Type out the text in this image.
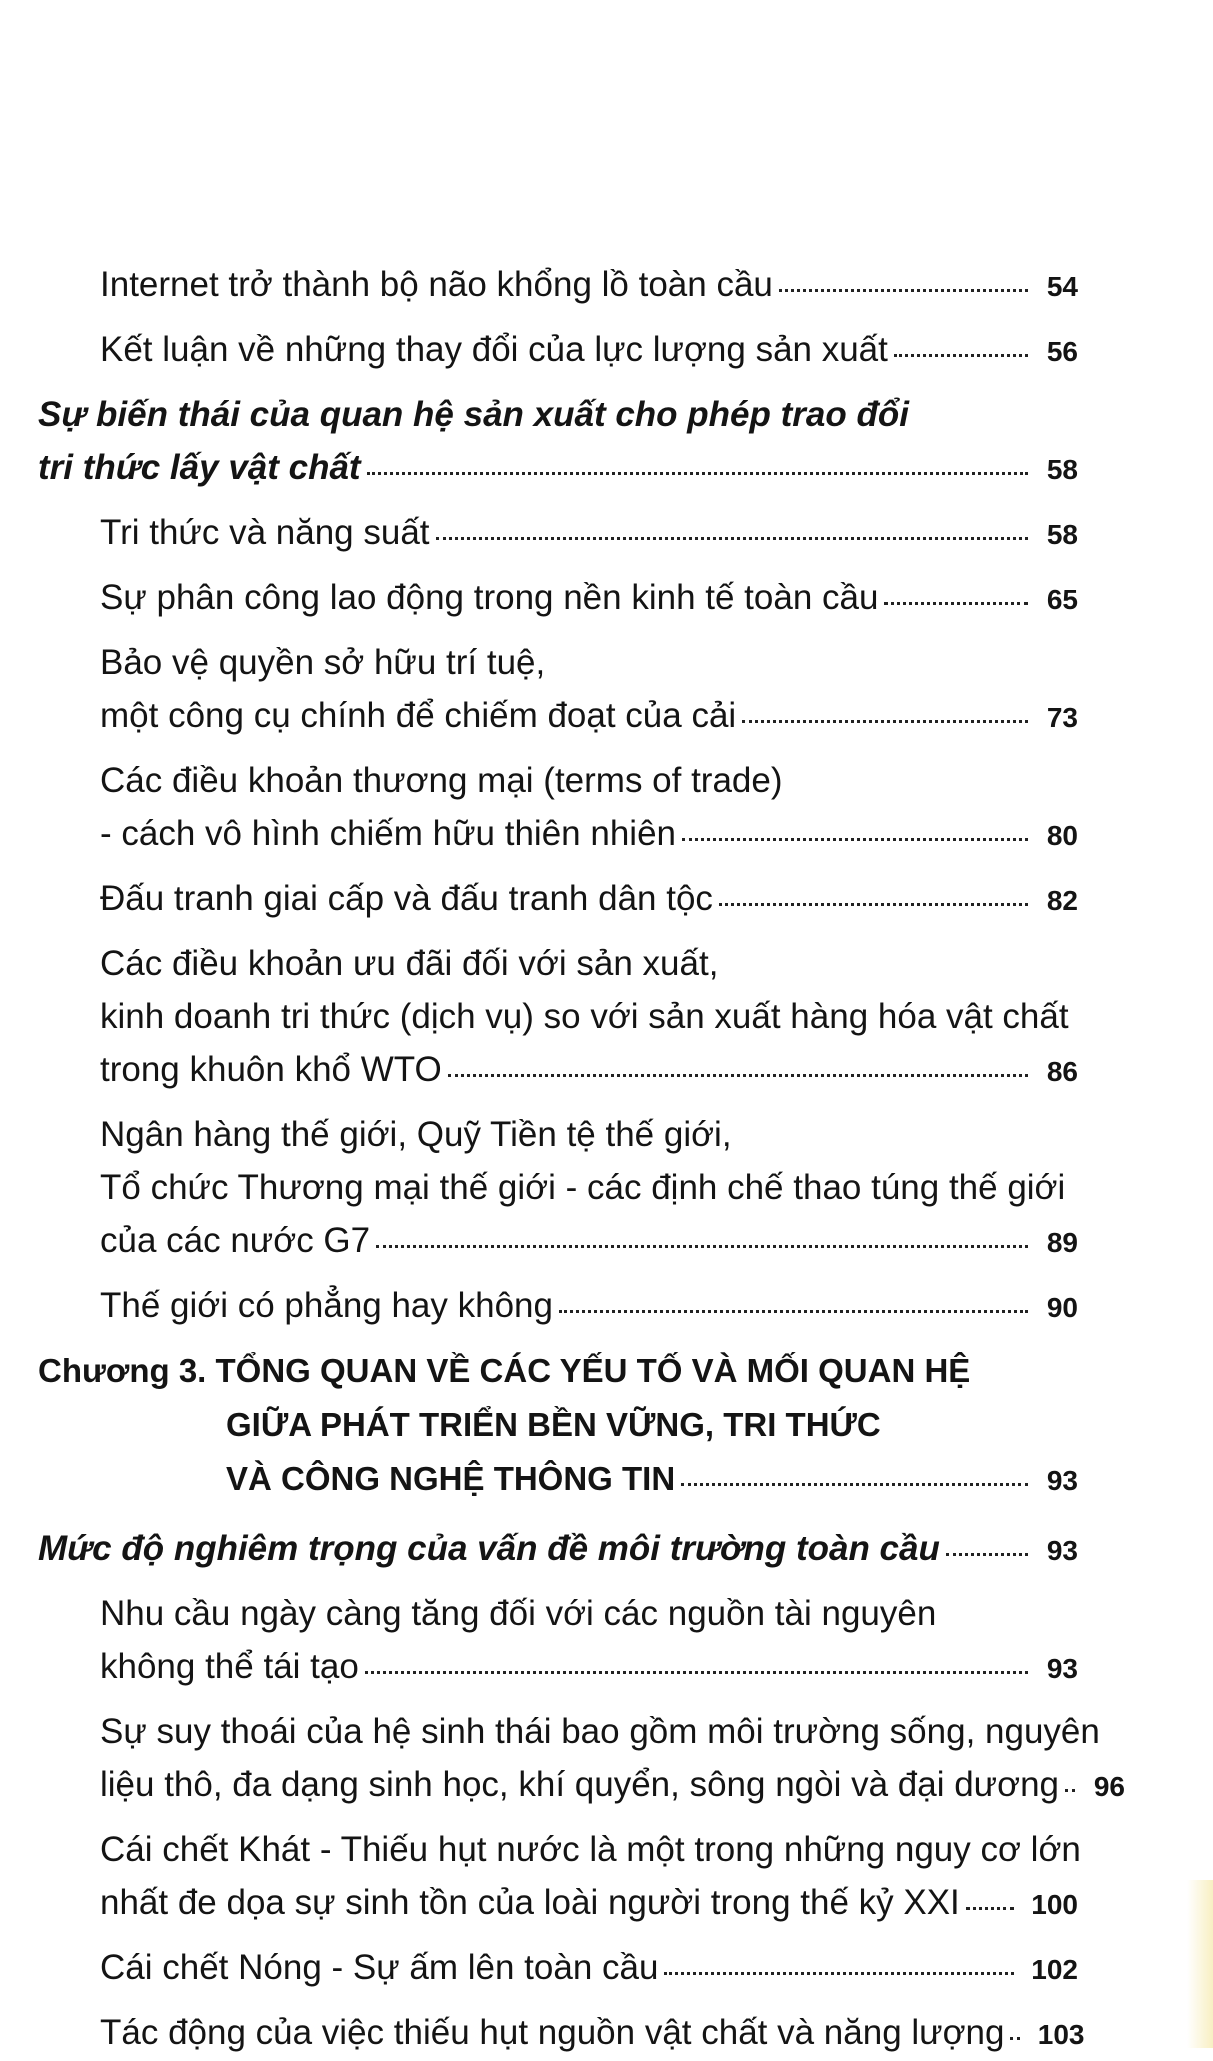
Internet trở thành bộ não khổng lồ toàn cầu	54
Kết luận về những thay đổi của lực lượng sản xuất	56
Sự biến thái của quan hệ sản xuất cho phép trao đổi
tri thức lấy vật chất	58
Tri thức và năng suất	58
Sự phân công lao động trong nền kinh tế toàn cầu	65
Bảo vệ quyền sở hữu trí tuệ,
một công cụ chính để chiếm đoạt của cải	73
Các điều khoản thương mại (terms of trade)
- cách vô hình chiếm hữu thiên nhiên	80
Đấu tranh giai cấp và đấu tranh dân tộc	82
Các điều khoản ưu đãi đối với sản xuất,
kinh doanh tri thức (dịch vụ) so với sản xuất hàng hóa vật chất
trong khuôn khổ WTO	86
Ngân hàng thế giới, Quỹ Tiền tệ thế giới,
Tổ chức Thương mại thế giới - các định chế thao túng thế giới
của các nước G7	89
Thế giới có phẳng hay không	90
Chương 3. TỔNG QUAN VỀ CÁC YẾU TỐ VÀ MỐI QUAN HỆ
GIỮA PHÁT TRIỂN BỀN VỮNG, TRI THỨC
VÀ CÔNG NGHỆ THÔNG TIN	93
Mức độ nghiêm trọng của vấn đề môi trường toàn cầu	93
Nhu cầu ngày càng tăng đối với các nguồn tài nguyên
không thể tái tạo	93
Sự suy thoái của hệ sinh thái bao gồm môi trường sống, nguyên
liệu thô, đa dạng sinh học, khí quyển, sông ngòi và đại dương	96
Cái chết Khát - Thiếu hụt nước là một trong những nguy cơ lớn
nhất đe dọa sự sinh tồn của loài người trong thế kỷ XXI	100
Cái chết Nóng - Sự ấm lên toàn cầu	102
Tác động của việc thiếu hụt nguồn vật chất và năng lượng	103
